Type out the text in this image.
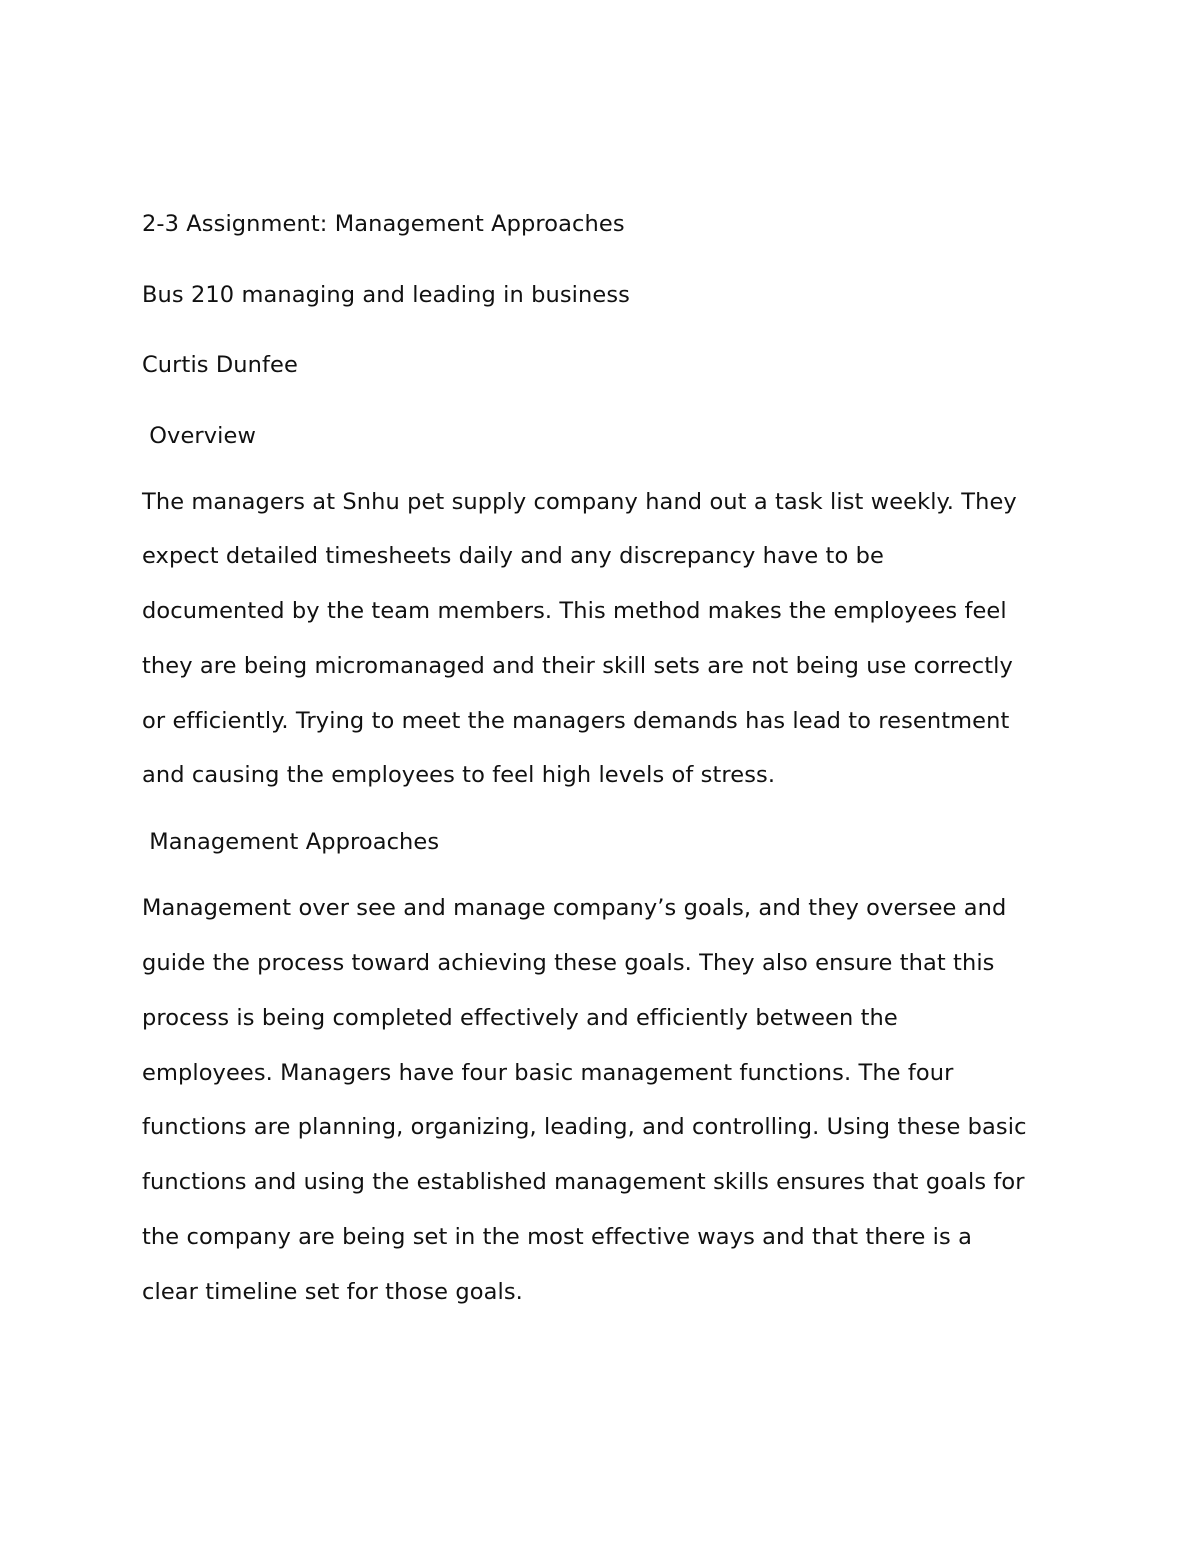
2-3 Assignment: Management Approaches

Bus 210 managing and leading in business

Curtis Dunfee

Overview

The managers at Snhu pet supply company hand out a task list weekly. They
expect detailed timesheets daily and any discrepancy have to be
documented by the team members. This method makes the employees feel
they are being micromanaged and their skill sets are not being use correctly
or efficiently. Trying to meet the managers demands has lead to resentment
and causing the employees to feel high levels of stress.

Management Approaches

Management over see and manage company’s goals, and they oversee and
guide the process toward achieving these goals. They also ensure that this
process is being completed effectively and efficiently between the
employees. Managers have four basic management functions. The four
functions are planning, organizing, leading, and controlling. Using these basic
functions and using the established management skills ensures that goals for
the company are being set in the most effective ways and that there is a
clear timeline set for those goals.
